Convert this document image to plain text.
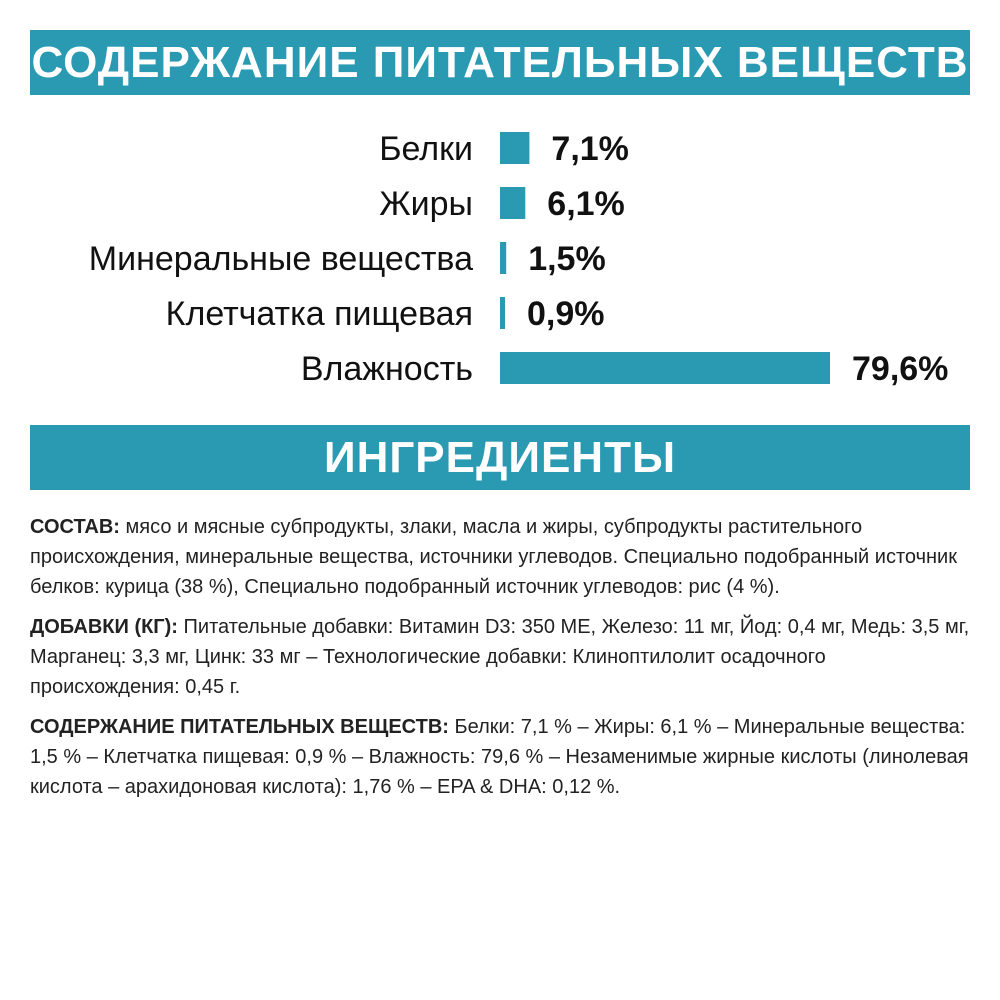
СОДЕРЖАНИЕ ПИТАТЕЛЬНЫХ ВЕЩЕСТВ
Белки 7,1%
Жиры 6,1%
Минеральные вещества 1,5%
Клетчатка пищевая 0,9%
Влажность	79,6%
ИНГРЕДИЕНТЫ

СОСТАВ: мясо и мясные субпродукты, злаки, масла и жиры, субпродукты растительного происхождения, минеральные вещества, источники углеводов. Специально подобранный источник белков: курица (38 %), Специально подобранный источник углеводов: рис (4 %).

ДОБАВКИ (КГ): Питательные добавки: Витамин D3: 350 МЕ, Железо: 11 мг, Йод: 0,4 мг, Медь: 3,5 мг, Марганец: 3,3 мг, Цинк: 33 мг – Технологические добавки: Клиноптилолит осадочного происхождения: 0,45 г.

СОДЕРЖАНИЕ ПИТАТЕЛЬНЫХ ВЕЩЕСТВ: Белки: 7,1 % – Жиры: 6,1 % – Минеральные вещества: 1,5 % – Клетчатка пищевая: 0,9 % – Влажность: 79,6 % – Незаменимые жирные кислоты (линолевая кислота – арахидоновая кислота): 1,76 % – EPA & DHA: 0,12 %.
